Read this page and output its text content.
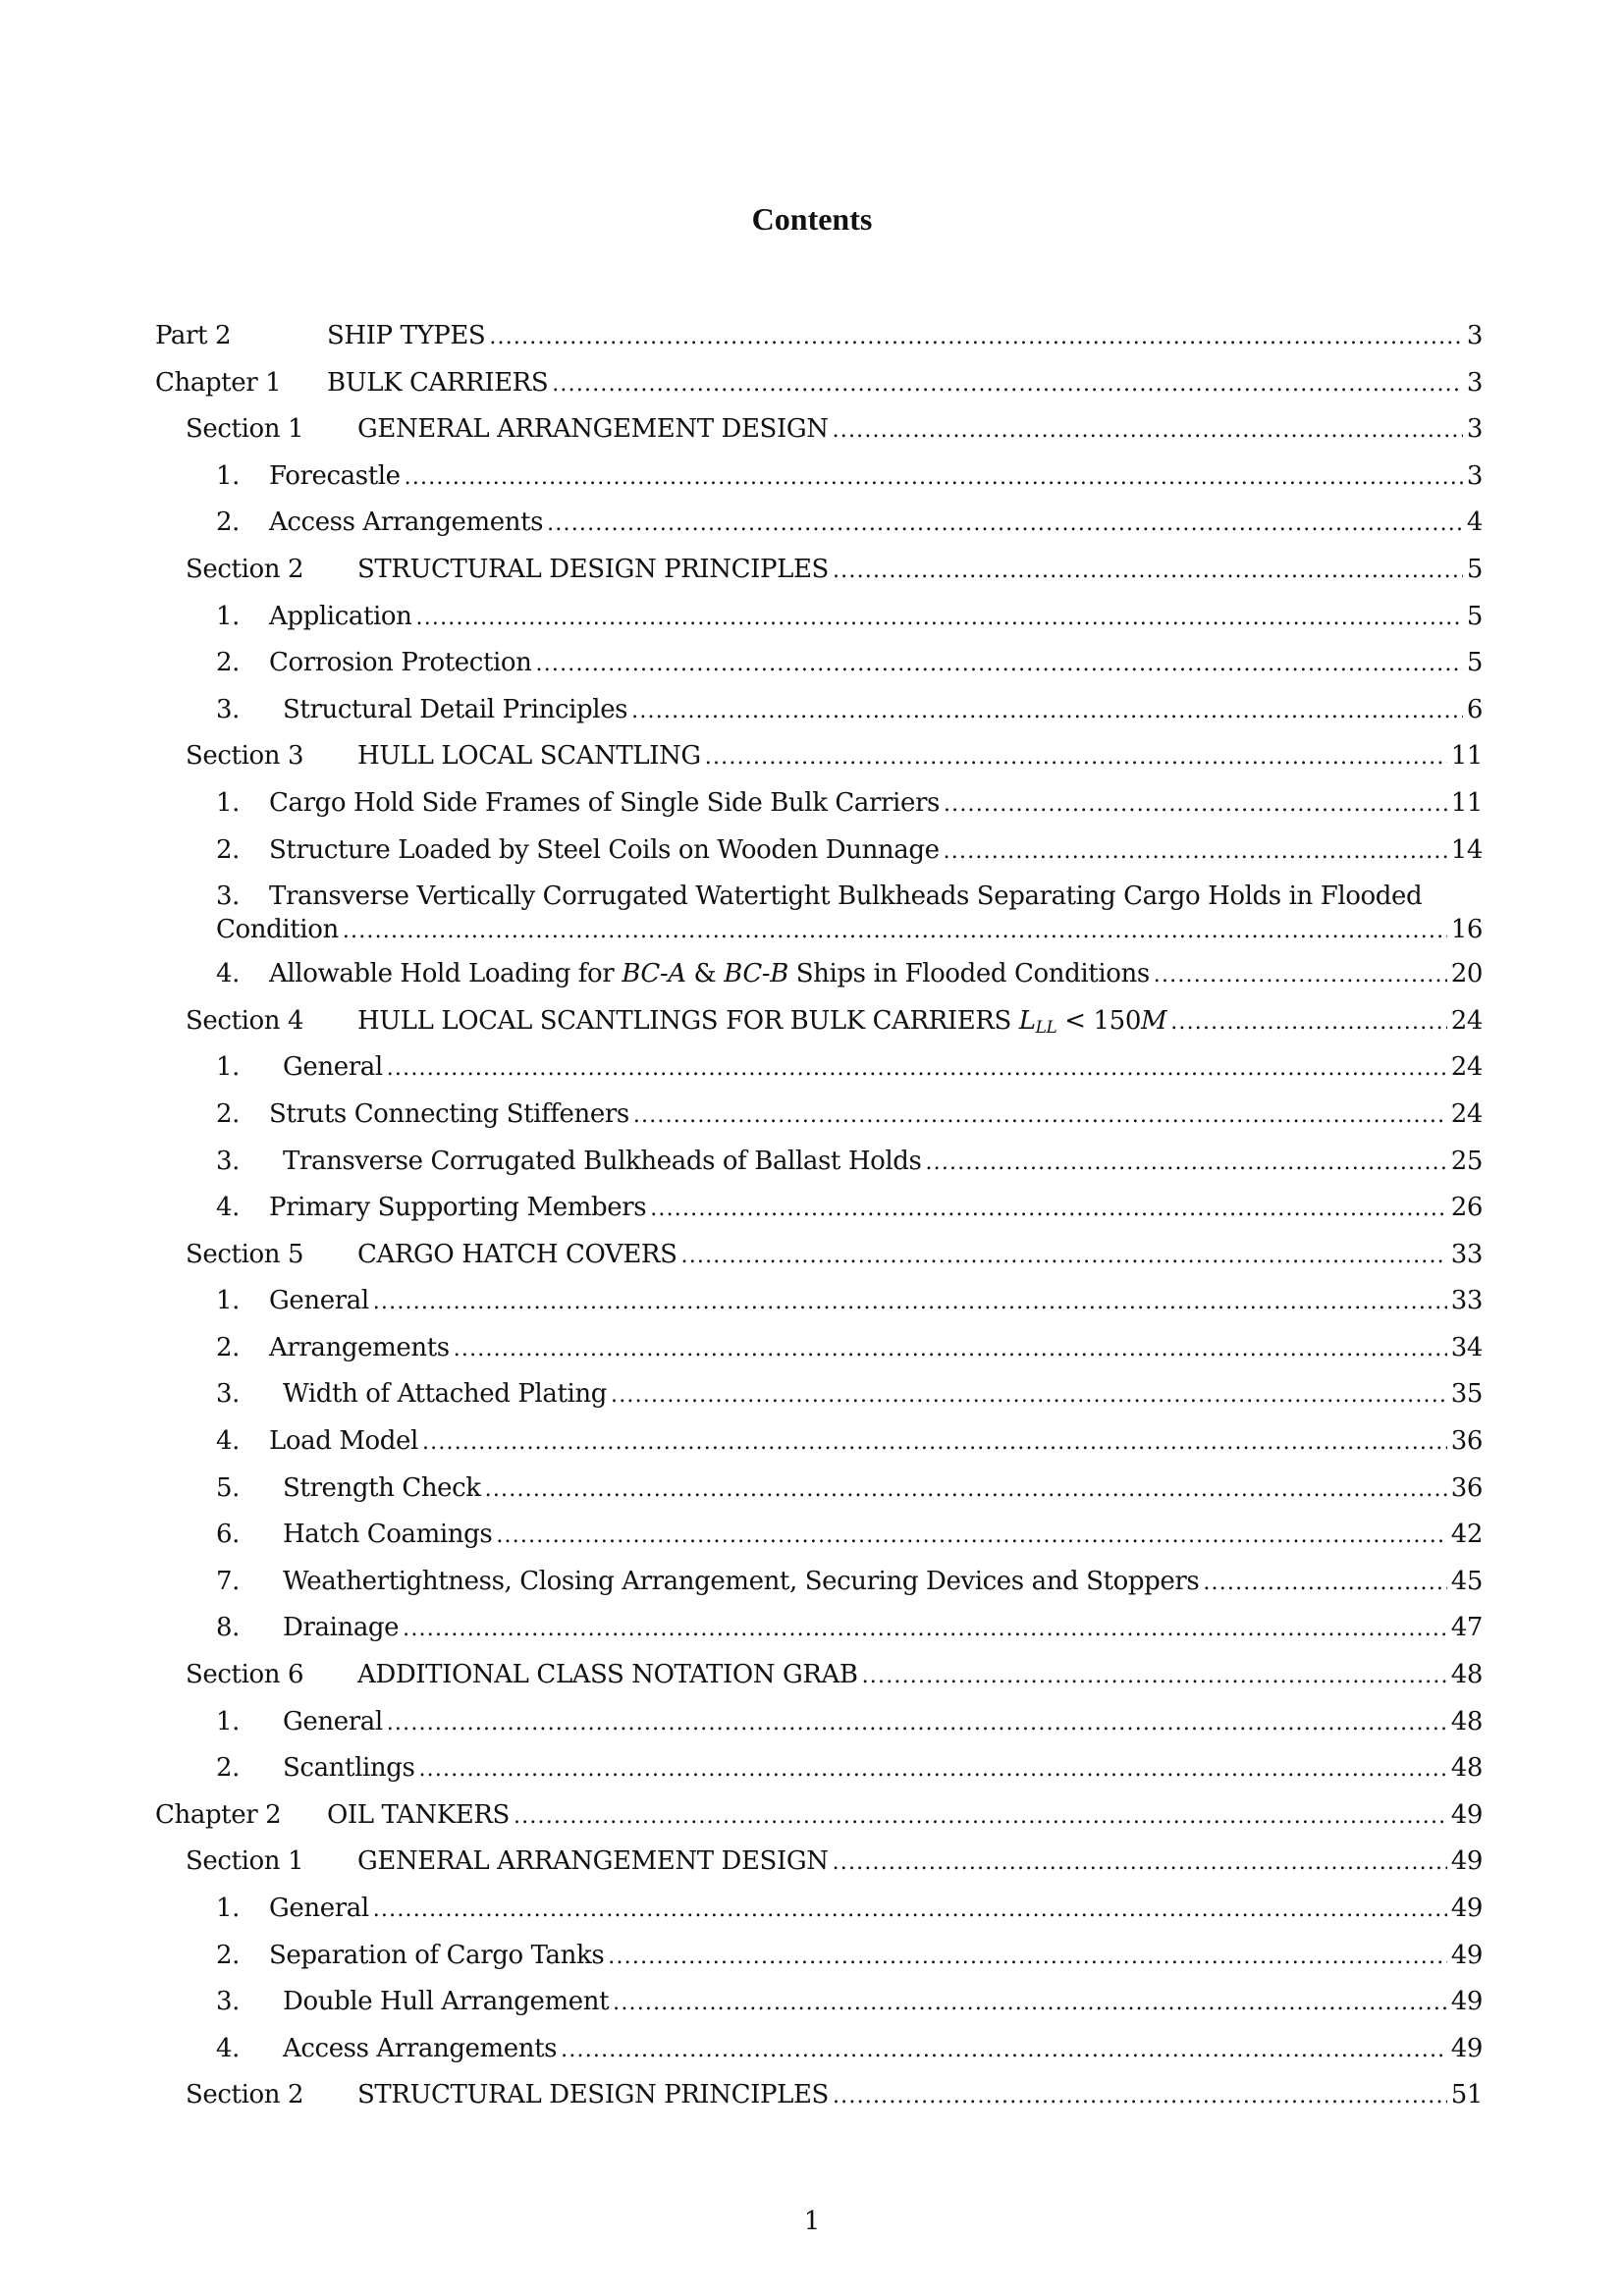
Contents
Part 2	SHIP TYPES .....	3
Chapter 1	BULK CARRIERS .....	3
Section 1	GENERAL ARRANGEMENT DESIGN .....	3
1.	Forecastle .....	3
2.	Access Arrangements .....	4
Section 2	STRUCTURAL DESIGN PRINCIPLES .....	5
1.	Application .....	5
2.	Corrosion Protection .....	5
3.	Structural Detail Principles .....	6
Section 3	HULL LOCAL SCANTLING .....	11
1.	Cargo Hold Side Frames of Single Side Bulk Carriers .....	11
2.	Structure Loaded by Steel Coils on Wooden Dunnage .....	14
3.	Transverse Vertically Corrugated Watertight Bulkheads Separating Cargo Holds in Flooded
Condition .....	16
4.	Allowable Hold Loading for BC-A & BC-B Ships in Flooded Conditions .....	20
Section 4	HULL LOCAL SCANTLINGS FOR BULK CARRIERS $L_{LL} < 150M$ .....	24
1.	General .....	24
2.	Struts Connecting Stiffeners .....	24
3.	Transverse Corrugated Bulkheads of Ballast Holds .....	25
4.	Primary Supporting Members .....	26
Section 5	CARGO HATCH COVERS .....	33
1.	General .....	33
2.	Arrangements .....	34
3.	Width of Attached Plating .....	35
4.	Load Model .....	36
5.	Strength Check .....	36
6.	Hatch Coamings .....	42
7.	Weathertightness, Closing Arrangement, Securing Devices and Stoppers .....	45
8.	Drainage .....	47
Section 6	ADDITIONAL CLASS NOTATION GRAB .....	48
1.	General .....	48
2.	Scantlings .....	48
Chapter 2	OIL TANKERS .....	49
Section 1	GENERAL ARRANGEMENT DESIGN .....	49
1.	General .....	49
2.	Separation of Cargo Tanks .....	49
3.	Double Hull Arrangement .....	49
4.	Access Arrangements .....	49
Section 2	STRUCTURAL DESIGN PRINCIPLES .....	51
1
